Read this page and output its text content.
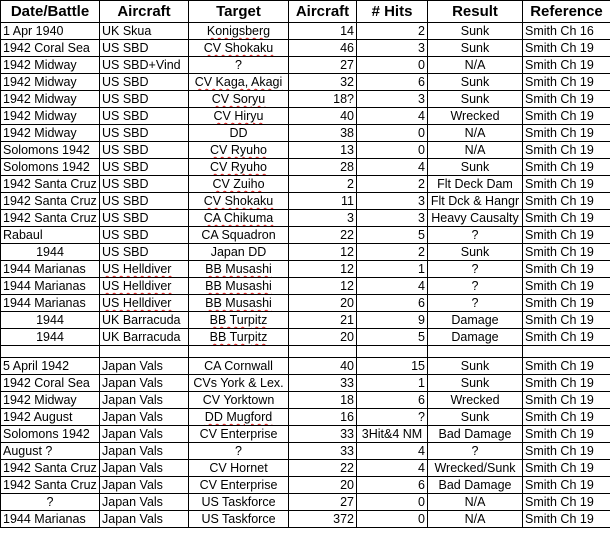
Date/Battle	Aircraft	Target	Aircraft	# Hits	Result	Reference
1 Apr 1940	UK Skua	Konigsberg	14	2	Sunk	Smith Ch 16
1942 Coral Sea	US SBD	CV Shokaku	46	3	Sunk	Smith Ch 19
1942 Midway	US SBD+Vind	?	27	0	N/A	Smith Ch 19
1942 Midway	US SBD	CV Kaga, Akagi	32	6	Sunk	Smith Ch 19
1942 Midway	US SBD	CV Soryu	18?	3	Sunk	Smith Ch 19
1942 Midway	US SBD	CV Hiryu	40	4	Wrecked	Smith Ch 19
1942 Midway	US SBD	DD	38	0	N/A	Smith Ch 19
Solomons 1942	US SBD	CV Ryuho	13	0	N/A	Smith Ch 19
Solomons 1942	US SBD	CV Ryuho	28	4	Sunk	Smith Ch 19
1942 Santa Cruz	US SBD	CV Zuiho	2	2	Flt Deck Dam	Smith Ch 19
1942 Santa Cruz	US SBD	CV Shokaku	11	3	Flt Dck & Hangr	Smith Ch 19
1942 Santa Cruz	US SBD	CA Chikuma	3	3	Heavy Causalty	Smith Ch 19
Rabaul	US SBD	CA Squadron	22	5	?	Smith Ch 19
1944	US SBD	Japan DD	12	2	Sunk	Smith Ch 19
1944 Marianas	US Helldiver	BB Musashi	12	1	?	Smith Ch 19
1944 Marianas	US Helldiver	BB Musashi	12	4	?	Smith Ch 19
1944 Marianas	US Helldiver	BB Musashi	20	6	?	Smith Ch 19
1944	UK Barracuda	BB Turpitz	21	9	Damage	Smith Ch 19
1944	UK Barracuda	BB Turpitz	20	5	Damage	Smith Ch 19

5 April 1942	Japan Vals	CA Cornwall	40	15	Sunk	Smith Ch 19
1942 Coral Sea	Japan Vals	CVs York & Lex.	33	1	Sunk	Smith Ch 19
1942 Midway	Japan Vals	CV Yorktown	18	6	Wrecked	Smith Ch 19
1942 August	Japan Vals	DD Mugford	16	?	Sunk	Smith Ch 19
Solomons 1942	Japan Vals	CV Enterprise	33	3Hit&4 NM	Bad Damage	Smith Ch 19
August ?	Japan Vals	?	33	4	?	Smith Ch 19
1942 Santa Cruz	Japan Vals	CV Hornet	22	4	Wrecked/Sunk	Smith Ch 19
1942 Santa Cruz	Japan Vals	CV Enterprise	20	6	Bad Damage	Smith Ch 19
?	Japan Vals	US Taskforce	27	0	N/A	Smith Ch 19
1944 Marianas	Japan Vals	US Taskforce	372	0	N/A	Smith Ch 19
